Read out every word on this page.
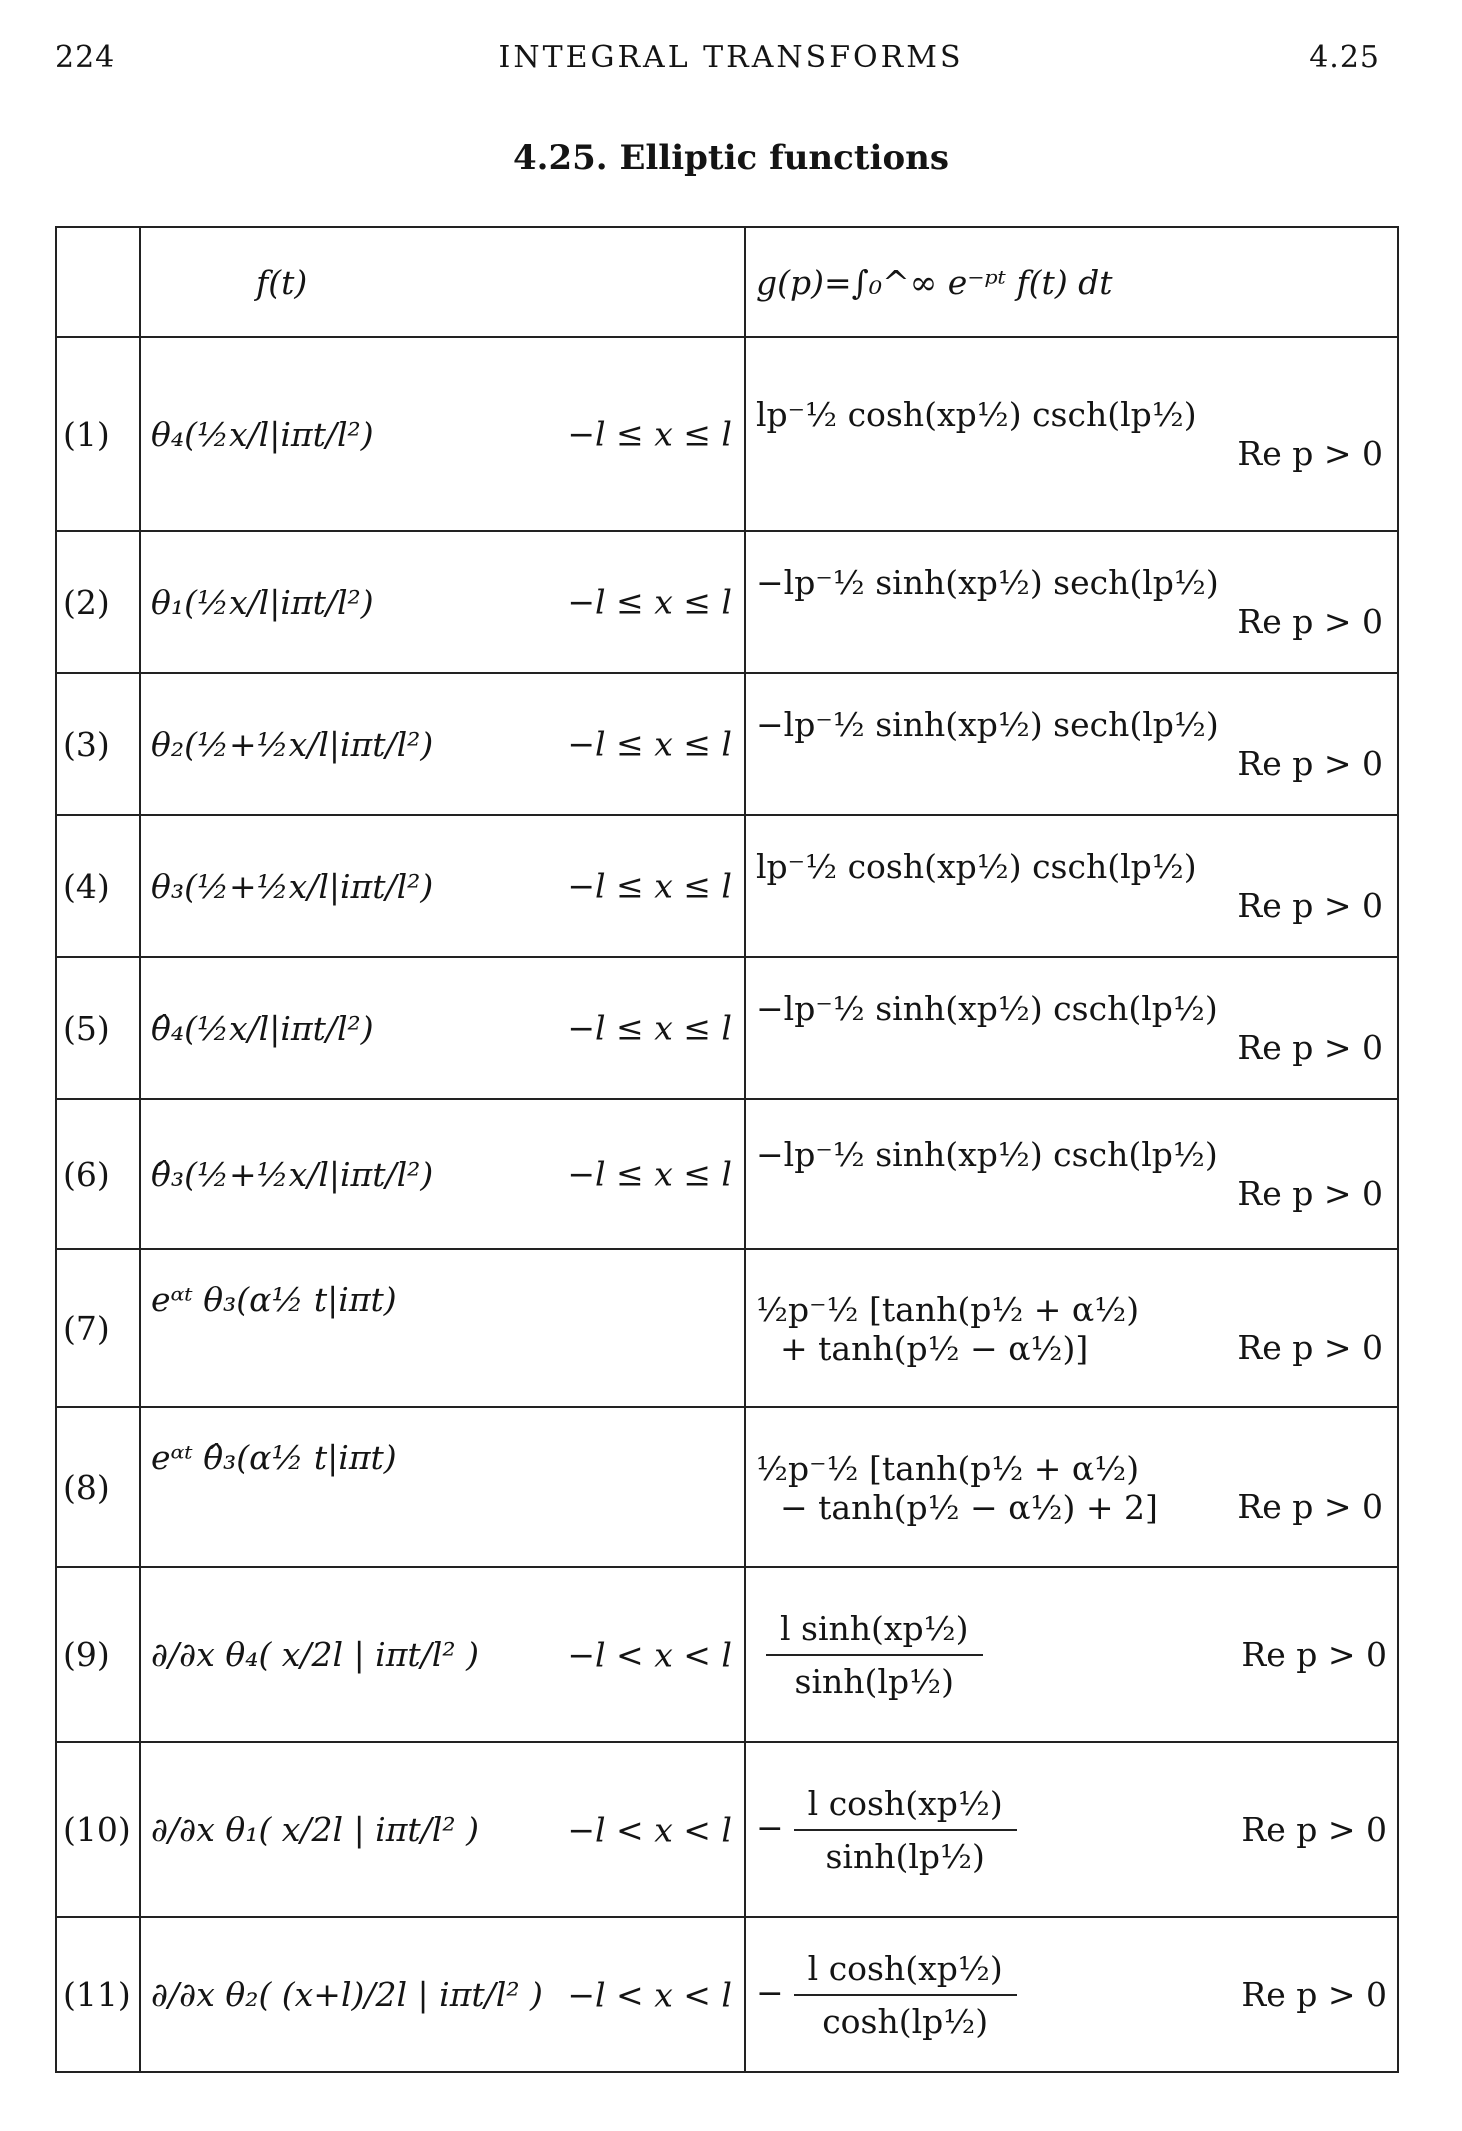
224	INTEGRAL TRANSFORMS	4.25
4.25. Elliptic functions
	f(t)	g(p)=∫₀^∞ e⁻ᵖᵗ f(t) dt
(1)	θ₄(½x/l|iπt/l²) −l ≤ x ≤ l	lp⁻½ cosh(xp½) csch(lp½)
Re p > 0

(2)	θ₁(½x/l|iπt/l²) −l ≤ x ≤ l	−lp⁻½ sinh(xp½) sech(lp½)
Re p > 0

(3)	θ₂(½+½x/l|iπt/l²) −l ≤ x ≤ l	−lp⁻½ sinh(xp½) sech(lp½)
Re p > 0

(4)	θ₃(½+½x/l|iπt/l²) −l ≤ x ≤ l	lp⁻½ cosh(xp½) csch(lp½)
Re p > 0

(5)	θ̂₄(½x/l|iπt/l²) −l ≤ x ≤ l	−lp⁻½ sinh(xp½) csch(lp½)
Re p > 0

(6)	θ̂₃(½+½x/l|iπt/l²) −l ≤ x ≤ l	−lp⁻½ sinh(xp½) csch(lp½)
Re p > 0

(7)	eᵅᵗ θ₃(α½ t|iπt)	½p⁻½ [tanh(p½ + α½)
+ tanh(p½ − α½)] Re p > 0

(8)	eᵅᵗ θ̂₃(α½ t|iπt)	½p⁻½ [tanh(p½ + α½)
− tanh(p½ − α½) + 2] Re p > 0

(9)	∂/∂x θ₄( x/2l | iπt/l² ) −l < x < l	$\frac{\text{l sinh(xp½)}}{\text{sinh(lp½)}}$ Re p > 0

(10)	∂/∂x θ₁( x/2l | iπt/l² ) −l < x < l	− $\frac{\text{l cosh(xp½)}}{\text{sinh(lp½)}}$ Re p > 0

(11)	∂/∂x θ₂( (x+l)/2l | iπt/l² ) −l < x < l	− $\frac{\text{l cosh(xp½)}}{\text{cosh(lp½)}}$ Re p > 0
